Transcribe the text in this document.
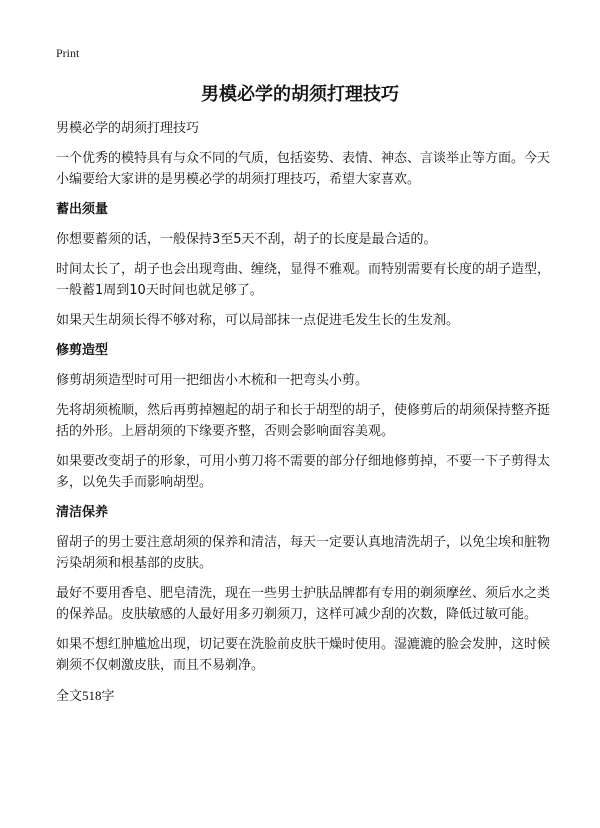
Print
男模必学的胡须打理技巧

男模必学的胡须打理技巧

一个优秀的模特具有与众不同的气质，包括姿势、表情、神态、言谈举止等方面。今天小编要给大家讲的是男模必学的胡须打理技巧，希望大家喜欢。

蓄出须量

你想要蓄须的话，一般保持3至5天不刮，胡子的长度是最合适的。

时间太长了，胡子也会出现弯曲、缠绕，显得不雅观。而特别需要有长度的胡子造型，一般蓄1周到10天时间也就足够了。

如果天生胡须长得不够对称，可以局部抹一点促进毛发生长的生发剂。

修剪造型

修剪胡须造型时可用一把细齿小木梳和一把弯头小剪。

先将胡须梳顺，然后再剪掉翘起的胡子和长于胡型的胡子，使修剪后的胡须保持整齐挺括的外形。上唇胡须的下缘要齐整，否则会影响面容美观。

如果要改变胡子的形象，可用小剪刀将不需要的部分仔细地修剪掉，不要一下子剪得太多，以免失手而影响胡型。

清洁保养

留胡子的男士要注意胡须的保养和清洁，每天一定要认真地清洗胡子，以免尘埃和脏物污染胡须和根基部的皮肤。

最好不要用香皂、肥皂清洗，现在一些男士护肤品牌都有专用的剃须摩丝、须后水之类的保养品。皮肤敏感的人最好用多刃剃须刀，这样可减少刮的次数，降低过敏可能。

如果不想红肿尴尬出现，切记要在洗脸前皮肤干燥时使用。湿漉漉的脸会发肿，这时候剃须不仅刺激皮肤，而且不易剃净。

全文518字
